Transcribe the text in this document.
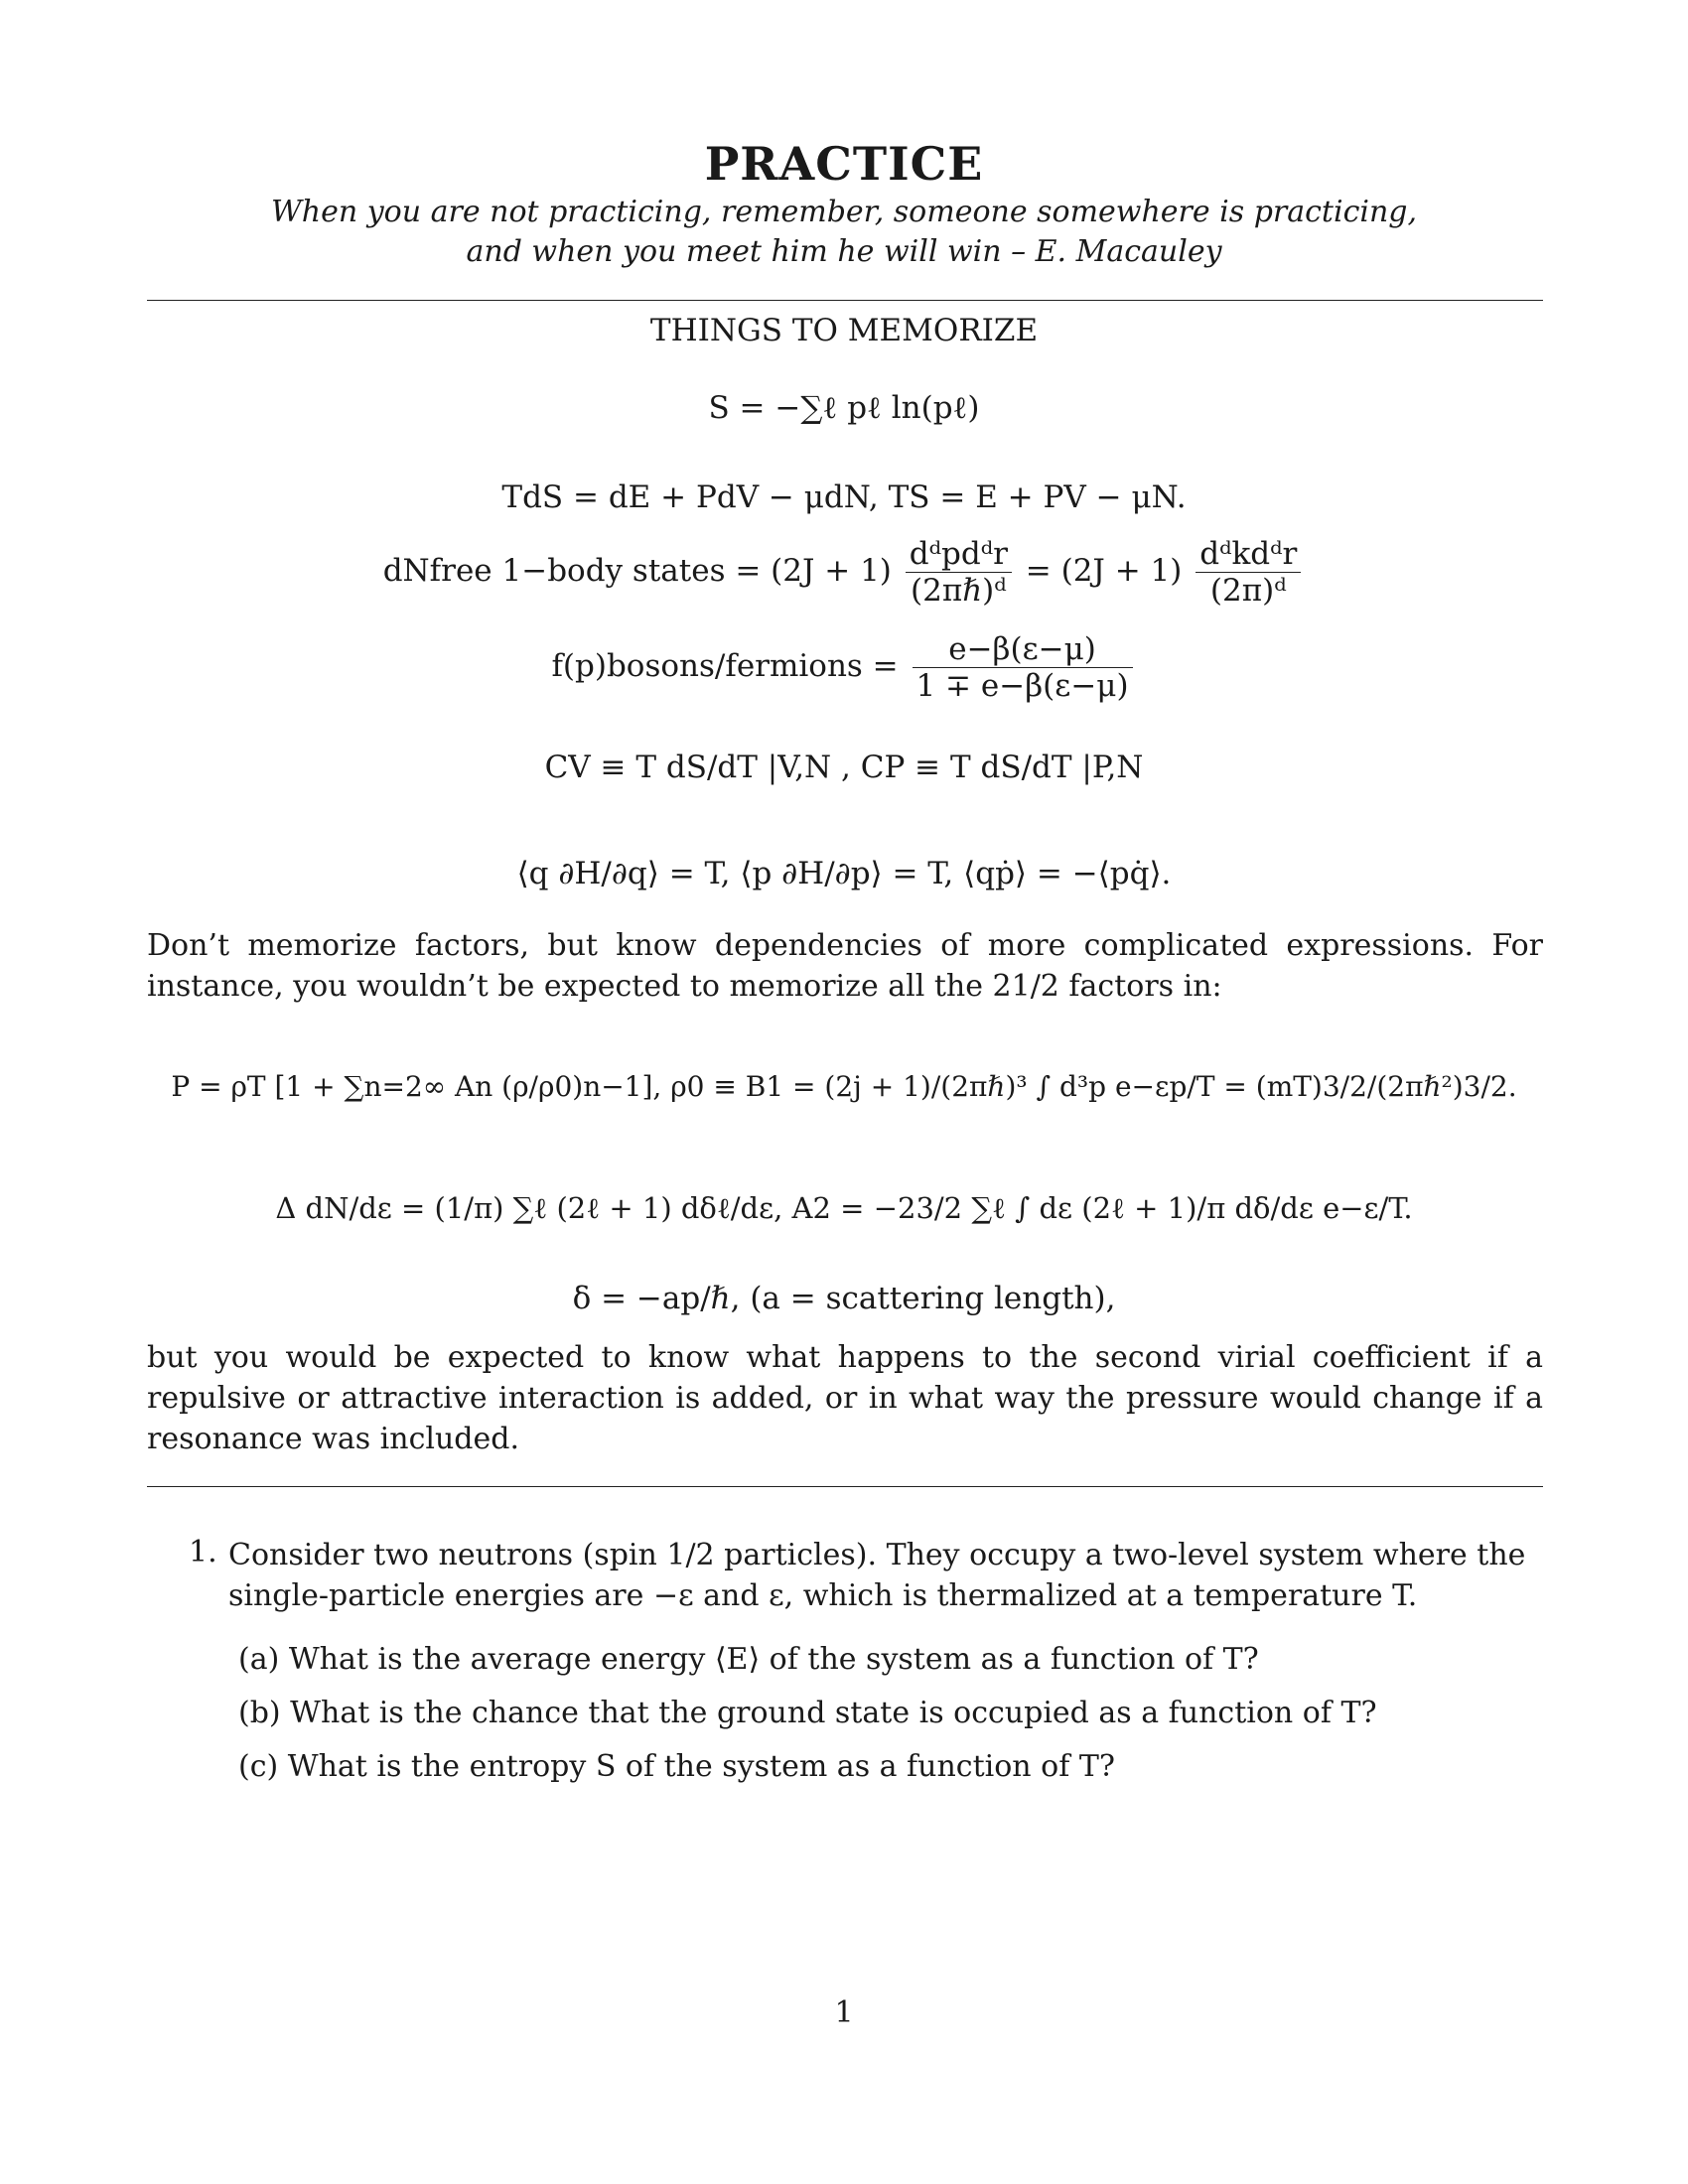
PRACTICE
When you are not practicing, remember, someone somewhere is practicing,
and when you meet him he will win – E. Macauley
THINGS TO MEMORIZE
S = −∑ℓ pℓ ln(pℓ)
TdS = dE + PdV − μdN, TS = E + PV − μN.
dNfree 1−body states = $(2J + 1) \frac{\text{dᵈpdᵈr}}{\text{(2πℏ)ᵈ}} = (2J + 1) \frac{\text{dᵈkdᵈr}}{\text{(2π)ᵈ}}$
f(p)bosons/fermions = $\frac{e-\beta(\varepsilon-\mu)}{1 \mp e-\beta(\varepsilon-\mu)}$
CV ≡ T dS/dT |V,N , CP ≡ T dS/dT |P,N
⟨q ∂H/∂q⟩ = T, ⟨p ∂H/∂p⟩ = T, ⟨qṗ⟩ = −⟨pq̇⟩.
Don’t memorize factors, but know dependencies of more complicated expressions. For instance, you wouldn’t be expected to memorize all the 21/2 factors in:
P = ρT [1 + ∑n=2∞ An (ρ/ρ0)n−1], ρ0 ≡ B1 = (2j + 1)/(2πℏ)³ ∫ d³p e−εp/T = (mT)3/2/(2πℏ²)3/2.
Δ dN/dε = (1/π) ∑ℓ (2ℓ + 1) dδℓ/dε, A2 = −23/2 ∑ℓ ∫ dε (2ℓ + 1)/π dδ/dε e−ε/T.
δ = −ap/ℏ, (a = scattering length),
but you would be expected to know what happens to the second virial coefficient if a repulsive or attractive interaction is added, or in what way the pressure would change if a resonance was included.
1. Consider two neutrons (spin 1/2 particles). They occupy a two-level system where the single-particle energies are −ε and ε, which is thermalized at a temperature T.
(a) What is the average energy ⟨E⟩ of the system as a function of T?
(b) What is the chance that the ground state is occupied as a function of T?
(c) What is the entropy S of the system as a function of T?
1
